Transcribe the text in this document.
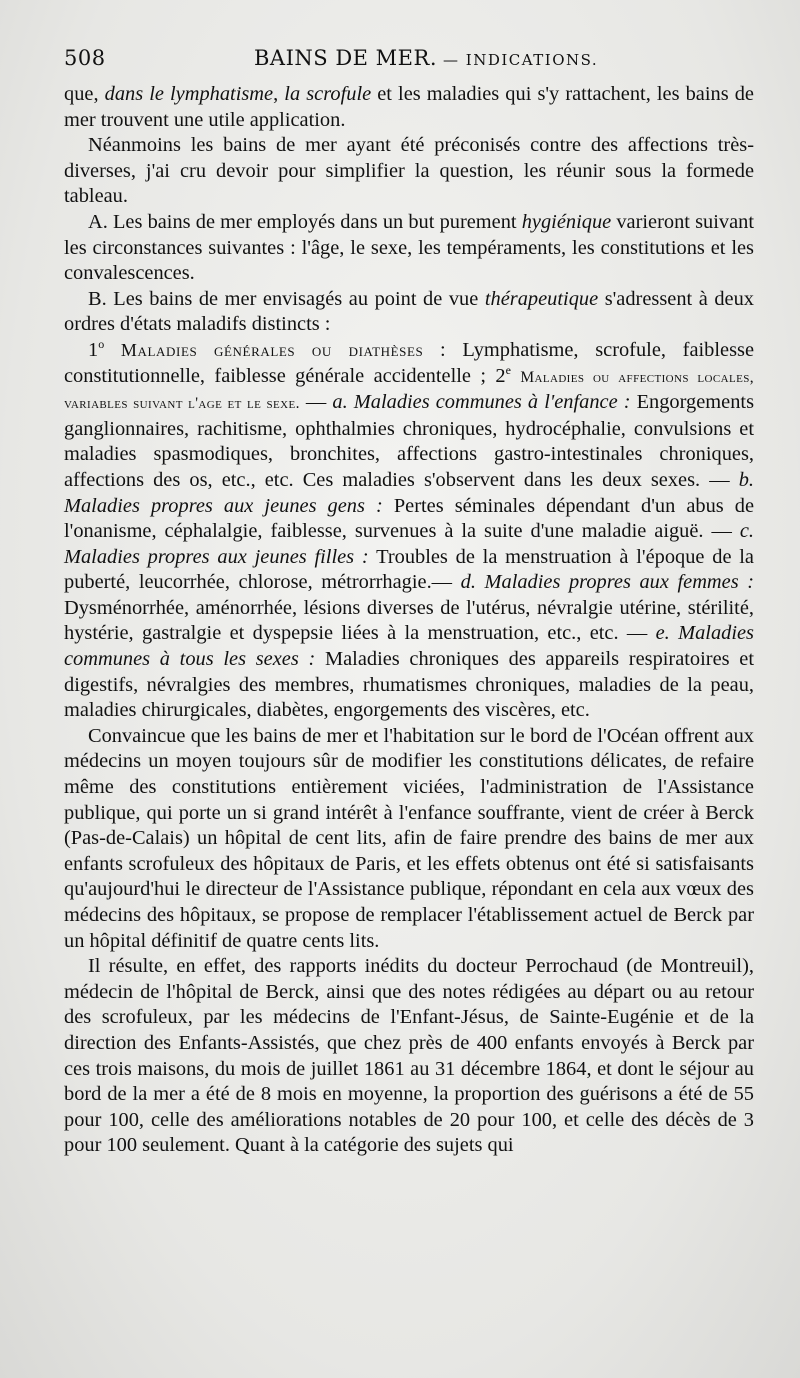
508	BAINS DE MER. — INDICATIONS.

que, dans le lymphatisme, la scrofule et les maladies qui s'y rattachent, les bains de mer trouvent une utile application.

Néanmoins les bains de mer ayant été préconisés contre des affections très-diverses, j'ai cru devoir pour simplifier la question, les réunir sous la formede tableau.

A. Les bains de mer employés dans un but purement hygiénique varieront suivant les circonstances suivantes : l'âge, le sexe, les tempéraments, les constitutions et les convalescences.

B. Les bains de mer envisagés au point de vue thérapeutique s'adressent à deux ordres d'états maladifs distincts :

1$^o$ Maladies générales ou diathèses : Lymphatisme, scrofule, faiblesse constitutionnelle, faiblesse générale accidentelle ; 2e Maladies ou affections locales, variables suivant l'age et le sexe. — a. Maladies communes à l'enfance : Engorgements ganglionnaires, rachitisme, ophthalmies chroniques, hydrocéphalie, convulsions et maladies spasmodiques, bronchites, affections gastro-intestinales chroniques, affections des os, etc., etc. Ces maladies s'observent dans les deux sexes. — b. Maladies propres aux jeunes gens : Pertes séminales dépendant d'un abus de l'onanisme, céphalalgie, faiblesse, survenues à la suite d'une maladie aiguë. — c. Maladies propres aux jeunes filles : Troubles de la menstruation à l'époque de la puberté, leucorrhée, chlorose, métrorrhagie.— d. Maladies propres aux femmes : Dysménorrhée, aménorrhée, lésions diverses de l'utérus, névralgie utérine, stérilité, hystérie, gastralgie et dyspepsie liées à la menstruation, etc., etc. — e. Maladies communes à tous les sexes : Maladies chroniques des appareils respiratoires et digestifs, névralgies des membres, rhumatismes chroniques, maladies de la peau, maladies chirurgicales, diabètes, engorgements des viscères, etc.

Convaincue que les bains de mer et l'habitation sur le bord de l'Océan offrent aux médecins un moyen toujours sûr de modifier les constitutions délicates, de refaire même des constitutions entièrement viciées, l'administration de l'Assistance publique, qui porte un si grand intérêt à l'enfance souffrante, vient de créer à Berck (Pas-de-Calais) un hôpital de cent lits, afin de faire prendre des bains de mer aux enfants scrofuleux des hôpitaux de Paris, et les effets obtenus ont été si satisfaisants qu'aujourd'hui le directeur de l'Assistance publique, répondant en cela aux vœux des médecins des hôpitaux, se propose de remplacer l'établissement actuel de Berck par un hôpital définitif de quatre cents lits.

Il résulte, en effet, des rapports inédits du docteur Perrochaud (de Montreuil), médecin de l'hôpital de Berck, ainsi que des notes rédigées au départ ou au retour des scrofuleux, par les médecins de l'Enfant-Jésus, de Sainte-Eugénie et de la direction des Enfants-Assistés, que chez près de 400 enfants envoyés à Berck par ces trois maisons, du mois de juillet 1861 au 31 décembre 1864, et dont le séjour au bord de la mer a été de 8 mois en moyenne, la proportion des guérisons a été de 55 pour 100, celle des améliorations notables de 20 pour 100, et celle des décès de 3 pour 100 seulement. Quant à la catégorie des sujets qui
